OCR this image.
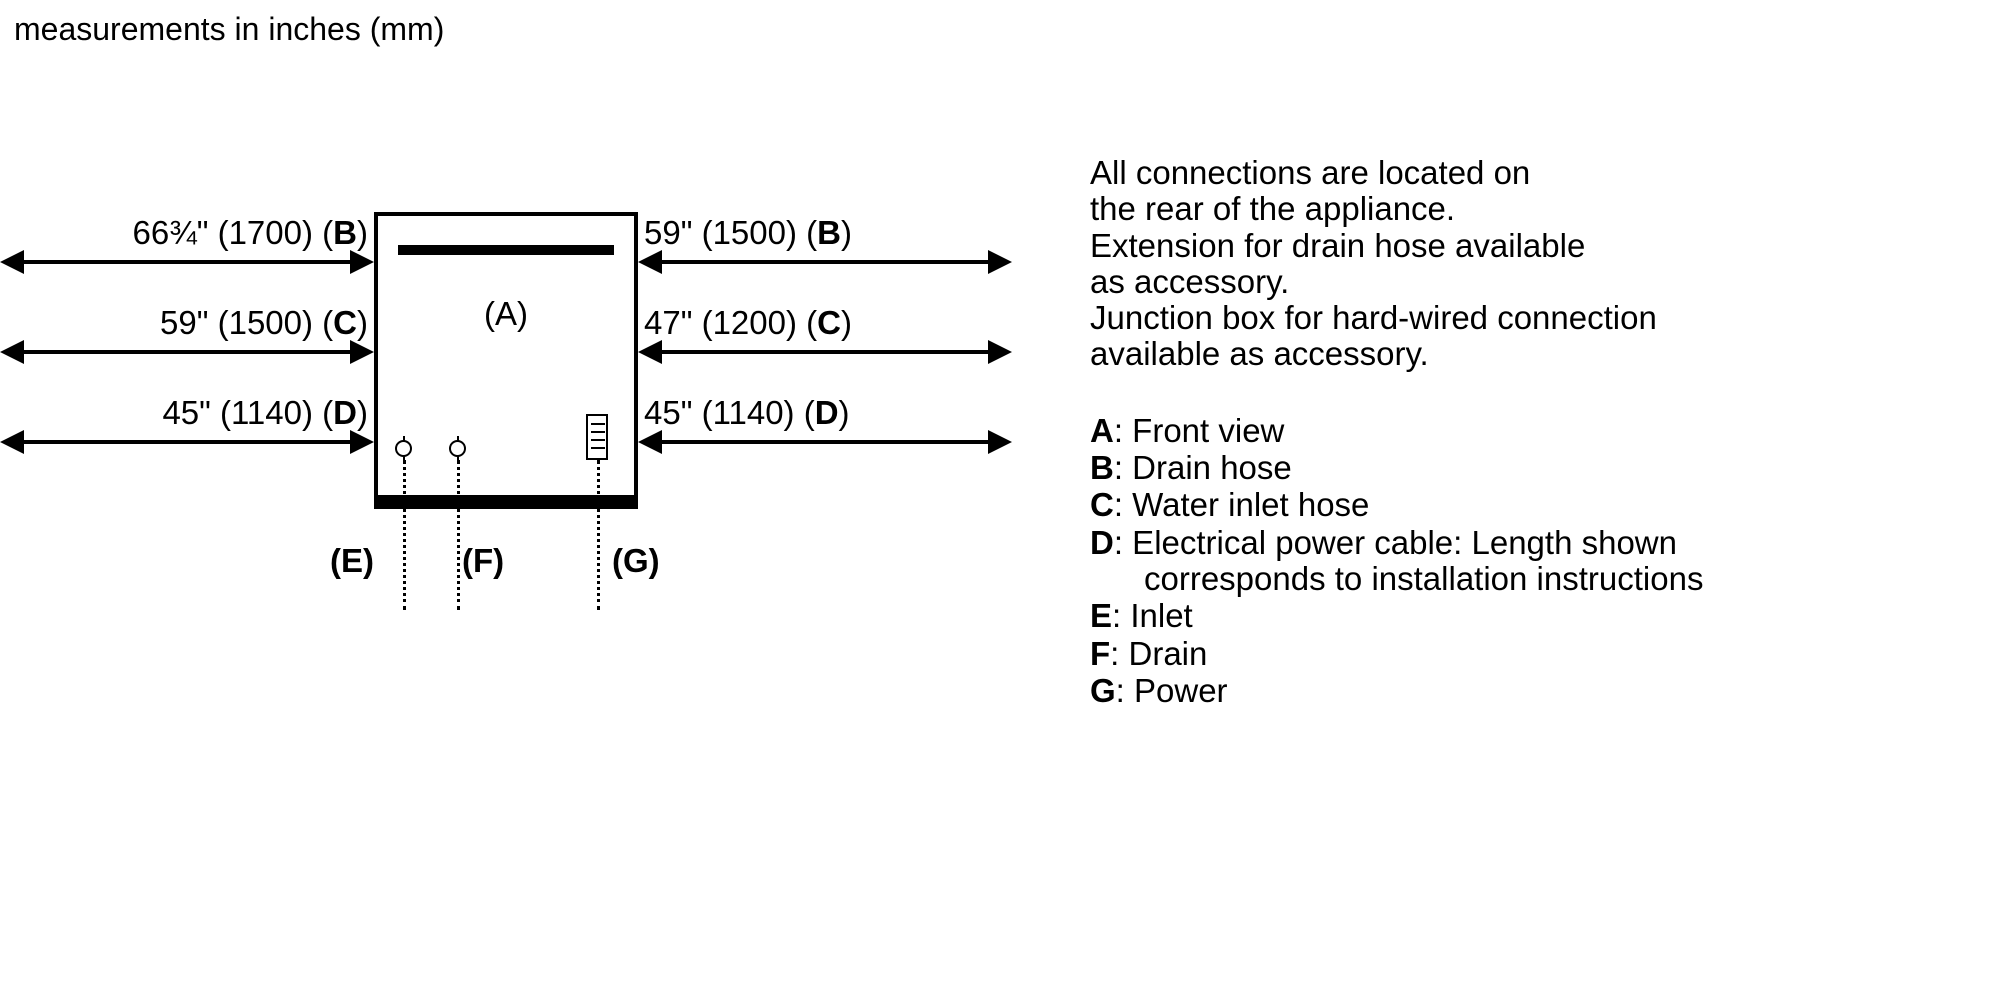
measurements in inches (mm)
(A)
(E)	(F)	(G)
66¾" (1700) (B)
59" (1500) (C)
45" (1140) (D)
59" (1500) (B)
47" (1200) (C)
45" (1140) (D)
All connections are located on
the rear of the appliance.
Extension for drain hose available
as accessory.
Junction box for hard-wired connection
available as accessory.
A: Front view
B: Drain hose
C: Water inlet hose
D: Electrical power cable: Length shown
corresponds to installation instructions
E: Inlet
F: Drain
G: Power
